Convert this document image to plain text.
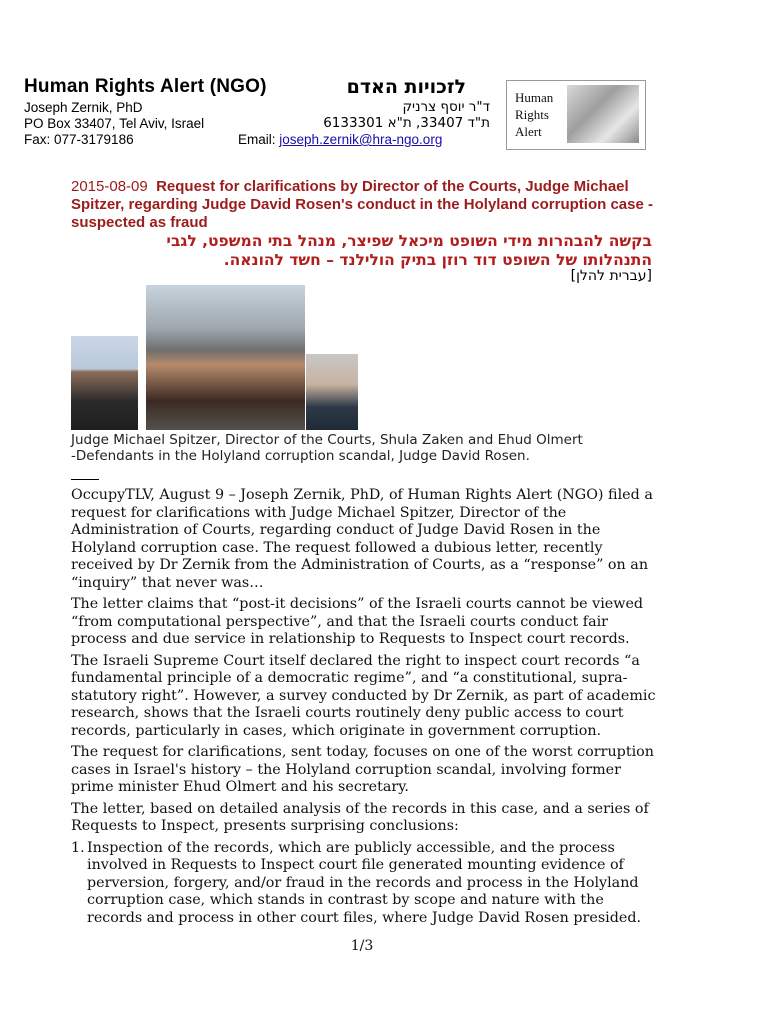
Human Rights Alert (NGO)	לזכויות האדם
Joseph Zernik, PhD	ד"ר יוסף צרניק
PO Box 33407, Tel Aviv, Israel	ת"ד 33407, ת"א 6133301
Fax: 077-3179186	Email: joseph.zernik@hra-ngo.org
Human
Rights
Alert
2015-08-09 Request for clarifications by Director of the Courts, Judge Michael Spitzer, regarding Judge David Rosen's conduct in the Holyland corruption case - suspected as fraud
בקשה להבהרות מידי השופט מיכאל שפיצר, מנהל בתי המשפט, לגבי
התנהלותו של השופט דוד רוזן בתיק הולילנד – חשד להונאה.
[עברית להלן]
Judge Michael Spitzer, Director of the Courts, Shula Zaken and Ehud Olmert
-Defendants in the Holyland corruption scandal, Judge David Rosen.

OccupyTLV, August 9 – Joseph Zernik, PhD, of Human Rights Alert (NGO) filed a request for clarifications with Judge Michael Spitzer, Director of the Administration of Courts, regarding conduct of Judge David Rosen in the Holyland corruption case. The request followed a dubious letter, recently received by Dr Zernik from the Administration of Courts, as a “response” on an “inquiry” that never was…

The letter claims that “post-it decisions” of the Israeli courts cannot be viewed “from computational perspective”, and that the Israeli courts conduct fair process and due service in relationship to Requests to Inspect court records.

The Israeli Supreme Court itself declared the right to inspect court records “a fundamental principle of a democratic regime”, and “a constitutional, supra-statutory right”. However, a survey conducted by Dr Zernik, as part of academic research, shows that the Israeli courts routinely deny public access to court records, particularly in cases, which originate in government corruption.

The request for clarifications, sent today, focuses on one of the worst corruption cases in Israel's history – the Holyland corruption scandal, involving former prime minister Ehud Olmert and his secretary.

The letter, based on detailed analysis of the records in this case, and a series of Requests to Inspect, presents surprising conclusions:

1. Inspection of the records, which are publicly accessible, and the process involved in Requests to Inspect court file generated mounting evidence of perversion, forgery, and/or fraud in the records and process in the Holyland corruption case, which stands in contrast by scope and nature with the records and process in other court files, where Judge David Rosen presided.
1/3
